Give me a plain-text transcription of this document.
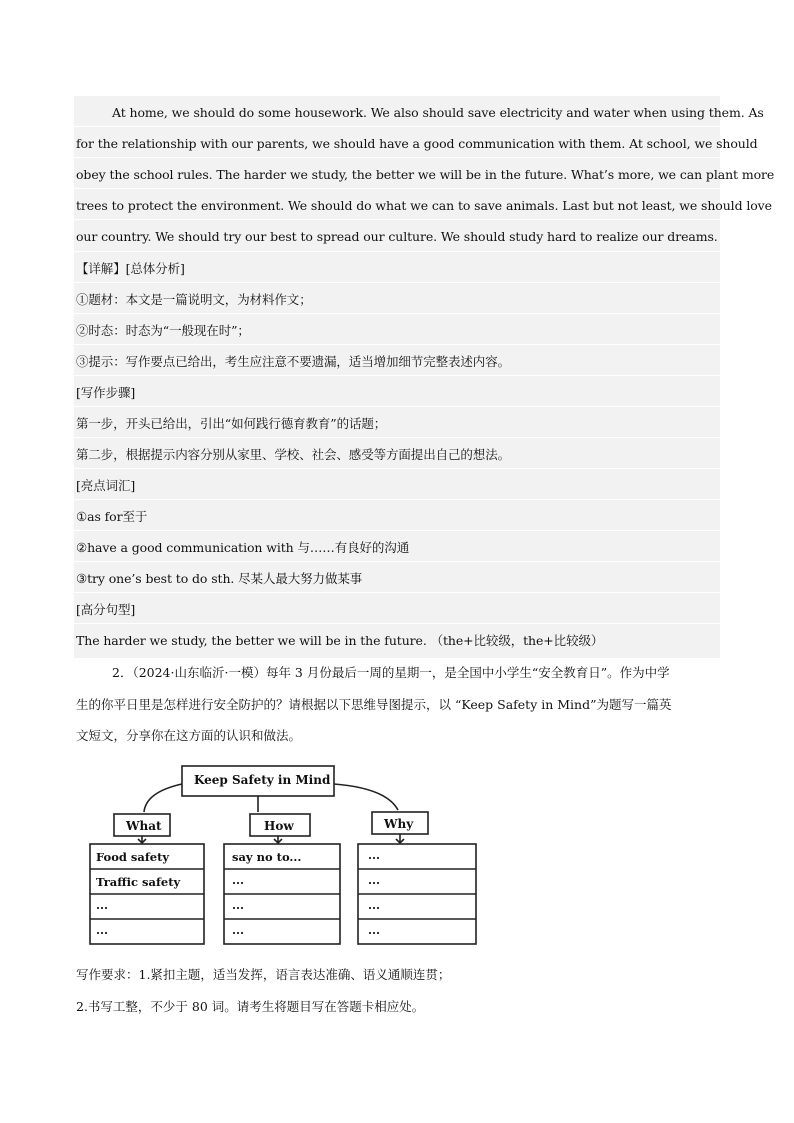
At home, we should do some housework. We also should save electricity and water when using them. As
for the relationship with our parents, we should have a good communication with them. At school, we should
obey the school rules. The harder we study, the better we will be in the future. What’s more, we can plant more
trees to protect the environment. We should do what we can to save animals. Last but not least, we should love
our country. We should try our best to spread our culture. We should study hard to realize our dreams.
【详解】[总体分析]
①题材：本文是一篇说明文，为材料作文；
②时态：时态为“一般现在时”；
③提示：写作要点已给出，考生应注意不要遗漏，适当增加细节完整表述内容。
[写作步骤]
第一步，开头已给出，引出“如何践行德育教育”的话题；
第二步，根据提示内容分别从家里、学校、社会、感受等方面提出自己的想法。
[亮点词汇]
①as for至于
②have a good communication with 与……有良好的沟通
③try one’s best to do sth. 尽某人最大努力做某事
[高分句型]
The harder we study, the better we will be in the future. （the+比较级，the+比较级）
2．（2024·山东临沂·一模）每年 3 月份最后一周的星期一，是全国中小学生“安全教育日”。作为中学
生的你平日里是怎样进行安全防护的？请根据以下思维导图提示，以 “Keep Safety in Mind”为题写一篇英
文短文，分享你在这方面的认识和做法。
Keep Safety in Mind
What	How	Why
Food safety
Traffic safety
...
...
say no to...
...
...
...
...
...
...
...
写作要求：1.紧扣主题，适当发挥，语言表达准确、语义通顺连贯；
2.书写工整，不少于 80 词。请考生将题目写在答题卡相应处。
